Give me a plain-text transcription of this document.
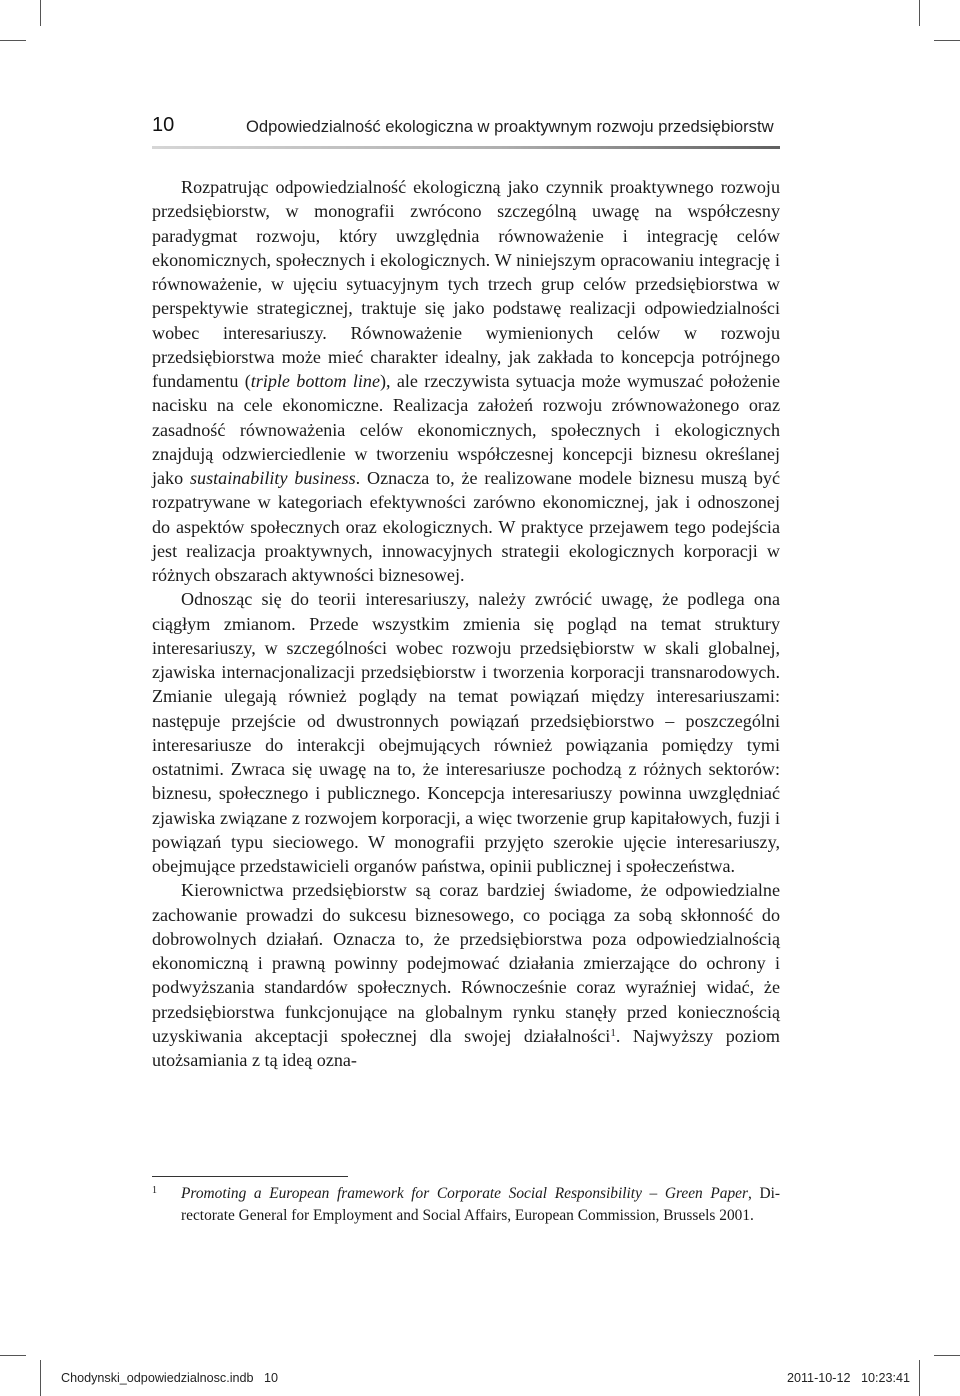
10	Odpowiedzialność ekologiczna w proaktywnym rozwoju przedsiębiorstw

Rozpatrując odpowiedzialność ekologiczną jako czynnik proaktywnego rozwoju przedsiębiorstw, w monografii zwrócono szczególną uwagę na współczesny paradygmat rozwoju, który uwzględnia równoważenie i integrację celów ekonomicznych, społecznych i ekologicznych. W niniejszym opracowaniu integrację i równoważenie, w ujęciu sytuacyjnym tych trzech grup celów przedsiębiorstwa w perspektywie strategicznej, traktuje się jako podstawę realizacji odpowiedzialności wobec interesariuszy. Równoważenie wymienionych celów w rozwoju przedsiębiorstwa może mieć charakter idealny, jak zakłada to koncepcja potrójnego fundamentu (triple bottom line), ale rzeczywista sytuacja może wymuszać położenie nacisku na cele ekonomiczne. Realizacja założeń rozwoju zrównoważonego oraz zasadność równoważenia celów ekonomicznych, społecznych i ekologicznych znajdują odzwierciedlenie w tworzeniu współczesnej koncepcji biznesu określanej jako sustainability business. Oznacza to, że realizowane modele biznesu muszą być rozpatrywane w kategoriach efektywności zarówno ekonomicznej, jak i odnoszonej do aspektów społecznych oraz ekologicznych. W praktyce przejawem tego podejścia jest realizacja proaktywnych, innowacyjnych strategii ekologicznych korporacji w różnych obszarach aktywności biznesowej.

Odnosząc się do teorii interesariuszy, należy zwrócić uwagę, że podlega ona ciągłym zmianom. Przede wszystkim zmienia się pogląd na temat struktury interesariuszy, w szczególności wobec rozwoju przedsiębiorstw w skali globalnej, zjawiska internacjonalizacji przedsiębiorstw i tworzenia korporacji transnarodowych. Zmianie ulegają również poglądy na temat powiązań między interesariuszami: następuje przejście od dwustronnych powiązań przedsiębiorstwo – poszczególni interesariusze do interakcji obejmujących również powiązania pomiędzy tymi ostatnimi. Zwraca się uwagę na to, że interesariusze pochodzą z różnych sektorów: biznesu, społecznego i publicznego. Koncepcja interesariuszy powinna uwzględniać zjawiska związane z rozwojem korporacji, a więc tworzenie grup kapitałowych, fuzji i powiązań typu sieciowego. W monografii przyjęto szerokie ujęcie interesariuszy, obejmujące przedstawicieli organów państwa, opinii publicznej i społeczeństwa.

Kierownictwa przedsiębiorstw są coraz bardziej świadome, że odpowiedzialne zachowanie prowadzi do sukcesu biznesowego, co pociąga za sobą skłonność do dobrowolnych działań. Oznacza to, że przedsiębiorstwa poza odpowiedzialnością ekonomiczną i prawną powinny podejmować działania zmierzające do ochrony i podwyższania standardów społecznych. Równocześnie coraz wyraźniej widać, że przedsiębiorstwa funkcjonujące na globalnym rynku stanęły przed koniecznością uzyskiwania akceptacji społecznej dla swojej działalności$^1$. Najwyższy poziom utożsamiania z tą ideą ozna-

1 Promoting a European framework for Corporate Social Responsibility – Green Paper, Directorate General for Employment and Social Affairs, European Commission, Brussels 2001.
Chodynski_odpowiedzialnosc.indb   10	2011-10-12   10:23:41
